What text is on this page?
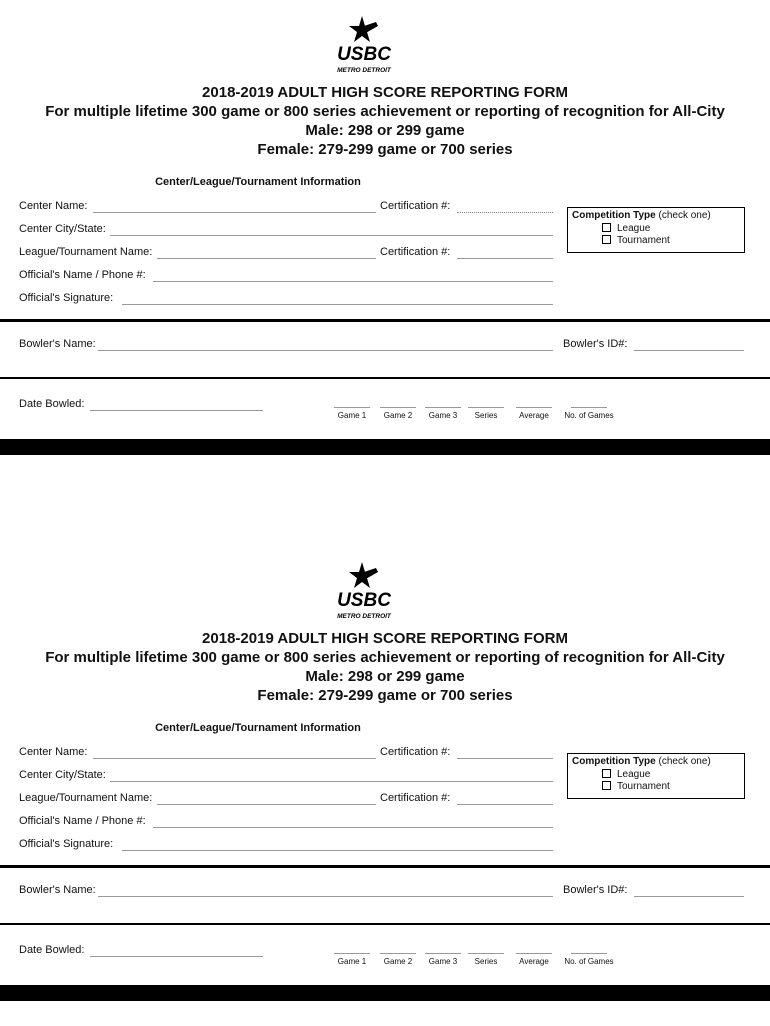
USBC
METRO DETROIT
2018-2019 ADULT HIGH SCORE REPORTING FORM
For multiple lifetime 300 game or 800 series achievement or reporting of recognition for All-City
Male: 298 or 299 game
Female: 279-299 game or 700 series
Center/League/Tournament Information
Center Name:	Certification #:
Center City/State:
League/Tournament Name:	Certification #:
Official's Name / Phone #:
Official's Signature:
Competition Type (check one)
League
Tournament
Bowler's Name:	Bowler's ID#:
Date Bowled:
Game 1	Game 2	Game 3	Series	Average	No. of Games
USBC
METRO DETROIT
2018-2019 ADULT HIGH SCORE REPORTING FORM
For multiple lifetime 300 game or 800 series achievement or reporting of recognition for All-City
Male: 298 or 299 game
Female: 279-299 game or 700 series
Center/League/Tournament Information
Center Name:	Certification #:
Center City/State:
League/Tournament Name:	Certification #:
Official's Name / Phone #:
Official's Signature:
Competition Type (check one)
League
Tournament
Bowler's Name:	Bowler's ID#:
Date Bowled:
Game 1	Game 2	Game 3	Series	Average	No. of Games
